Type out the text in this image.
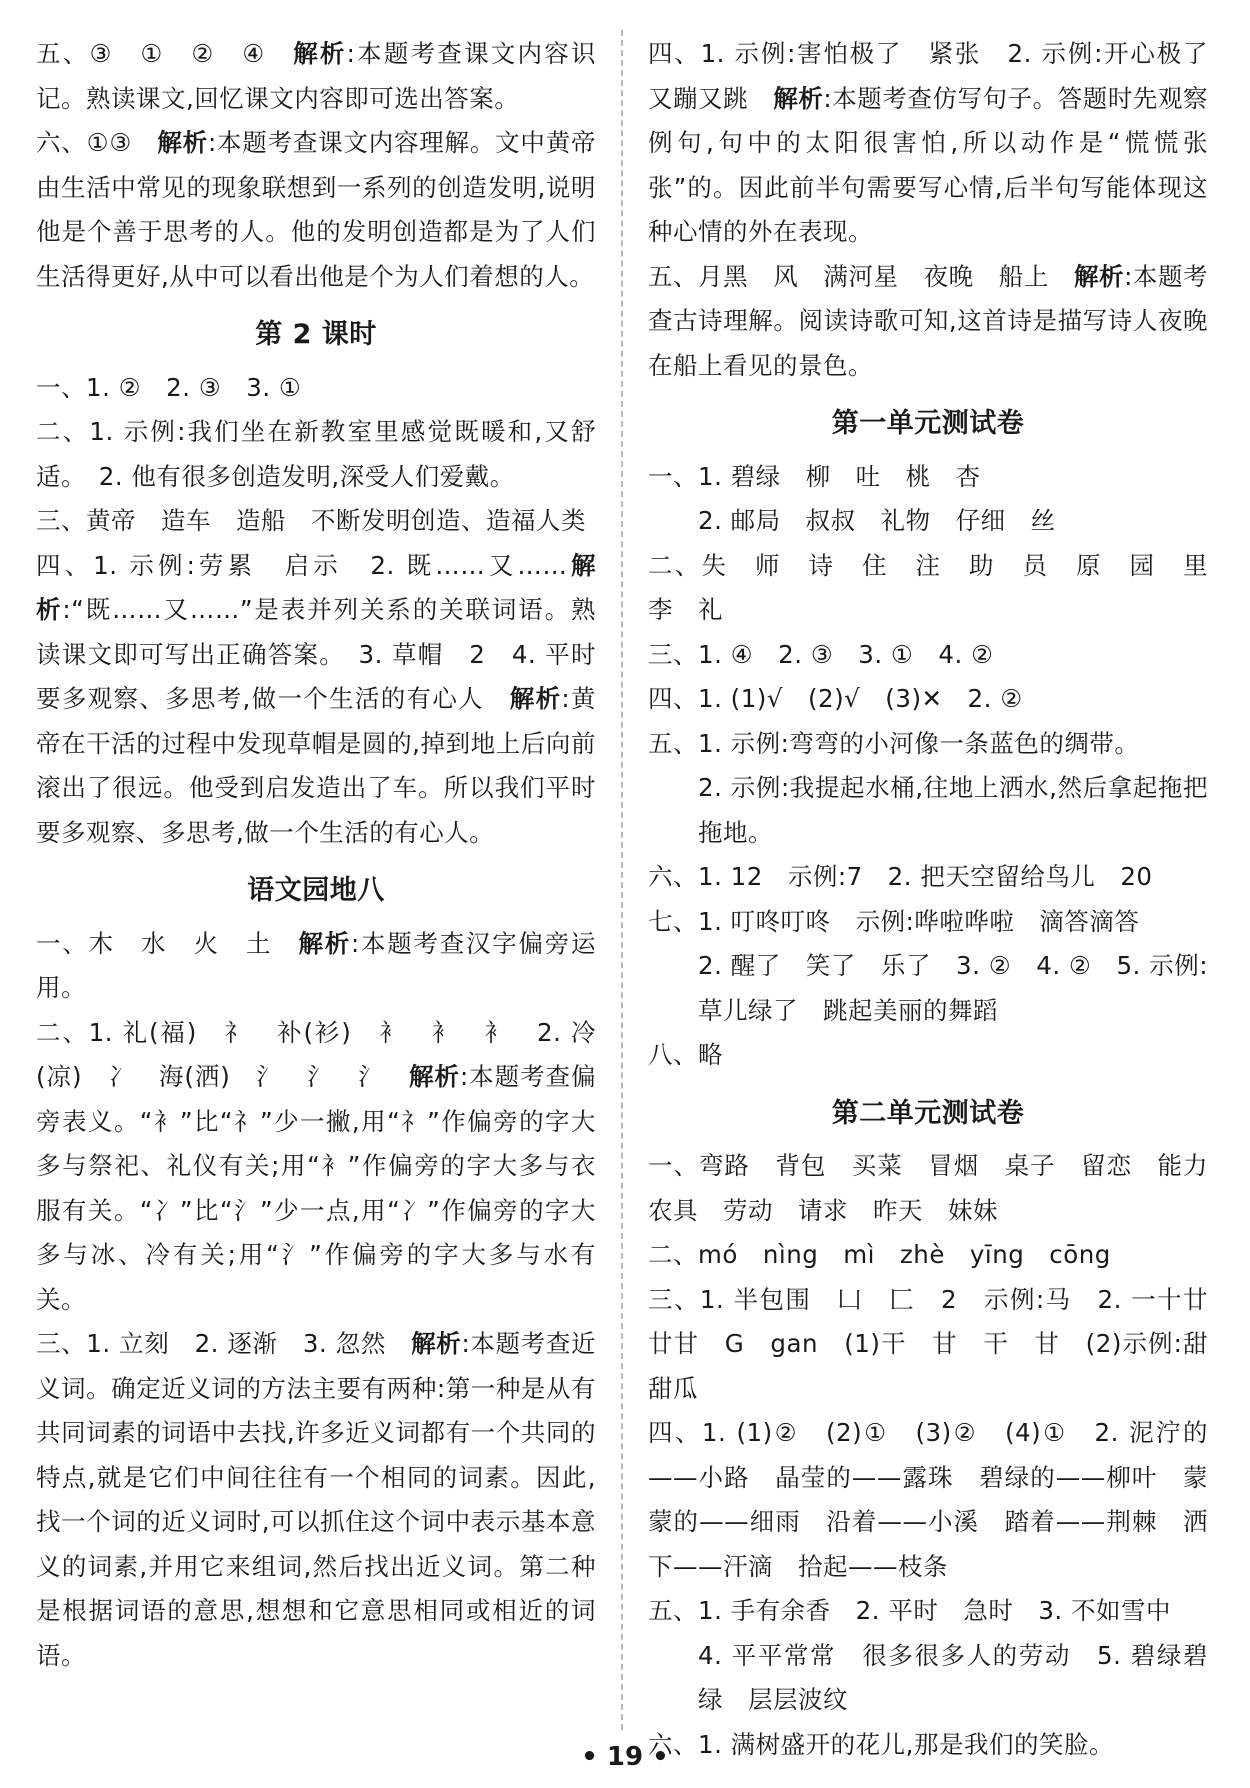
五、③　①　②　④　解析:本题考查课文内容识记。熟读课文,回忆课文内容即可选出答案。

六、①③　解析:本题考查课文内容理解。文中黄帝由生活中常见的现象联想到一系列的创造发明,说明他是个善于思考的人。他的发明创造都是为了人们生活得更好,从中可以看出他是个为人们着想的人。

第 2 课时

一、1. ②　2. ③　3. ①

二、1. 示例:我们坐在新教室里感觉既暖和,又舒适。　2. 他有很多创造发明,深受人们爱戴。

三、黄帝　造车　造船　不断发明创造、造福人类

四、1. 示例:劳累　启示　2. 既……又……解析:“既……又……”是表并列关系的关联词语。熟读课文即可写出正确答案。　3. 草帽　2　4. 平时要多观察、多思考,做一个生活的有心人　解析:黄帝在干活的过程中发现草帽是圆的,掉到地上后向前滚出了很远。他受到启发造出了车。所以我们平时要多观察、多思考,做一个生活的有心人。

语文园地八

一、木　水　火　土　解析:本题考查汉字偏旁运用。

二、1. 礼(福)　礻　补(衫)　衤　衤　衤　2. 冷(凉)　冫　海(洒)　氵　氵　氵　解析:本题考查偏旁表义。“衤”比“礻”少一撇,用“礻”作偏旁的字大多与祭祀、礼仪有关;用“衤”作偏旁的字大多与衣服有关。“冫”比“氵”少一点,用“冫”作偏旁的字大多与冰、冷有关;用“氵”作偏旁的字大多与水有关。

三、1. 立刻　2. 逐渐　3. 忽然　解析:本题考查近义词。确定近义词的方法主要有两种:第一种是从有共同词素的词语中去找,许多近义词都有一个共同的特点,就是它们中间往往有一个相同的词素。因此,找一个词的近义词时,可以抓住这个词中表示基本意义的词素,并用它来组词,然后找出近义词。第二种是根据词语的意思,想想和它意思相同或相近的词语。

四、1. 示例:害怕极了　紧张　2. 示例:开心极了　又蹦又跳　解析:本题考查仿写句子。答题时先观察例句,句中的太阳很害怕,所以动作是“慌慌张张”的。因此前半句需要写心情,后半句写能体现这种心情的外在表现。

五、月黑　风　满河星　夜晚　船上　解析:本题考查古诗理解。阅读诗歌可知,这首诗是描写诗人夜晚在船上看见的景色。

第一单元测试卷

一、1. 碧绿　柳　吐　桃　杏

2. 邮局　叔叔　礼物　仔细　丝

二、失　师　诗　住　注　助　员　原　园　里　李　礼

三、1. ④　2. ③　3. ①　4. ②

四、1. (1)√　(2)√　(3)✕　2. ②

五、1. 示例:弯弯的小河像一条蓝色的绸带。

2. 示例:我提起水桶,往地上洒水,然后拿起拖把拖地。

六、1. 12　示例:7　2. 把天空留给鸟儿　20

七、1. 叮咚叮咚　示例:哗啦哗啦　滴答滴答

2. 醒了　笑了　乐了　3. ②　4. ②　5. 示例:草儿绿了　跳起美丽的舞蹈

八、略

第二单元测试卷

一、弯路　背包　买菜　冒烟　桌子　留恋　能力　农具　劳动　请求　昨天　妹妹

二、mó　nìng　mì　zhè　yīng　cōng

三、1. 半包围　凵　匚　2　示例:马　2. 一十廿廿甘　G　gan　(1)干　甘　干　甘　(2)示例:甜　甜瓜

四、1. (1)②　(2)①　(3)②　(4)①　2. 泥泞的——小路　晶莹的——露珠　碧绿的——柳叶　蒙蒙的——细雨　沿着——小溪　踏着——荆棘　洒下——汗滴　拾起——枝条

五、1. 手有余香　2. 平时　急时　3. 不如雪中

4. 平平常常　很多很多人的劳动　5. 碧绿碧绿　层层波纹

六、1. 满树盛开的花儿,那是我们的笑脸。

• 19 •
